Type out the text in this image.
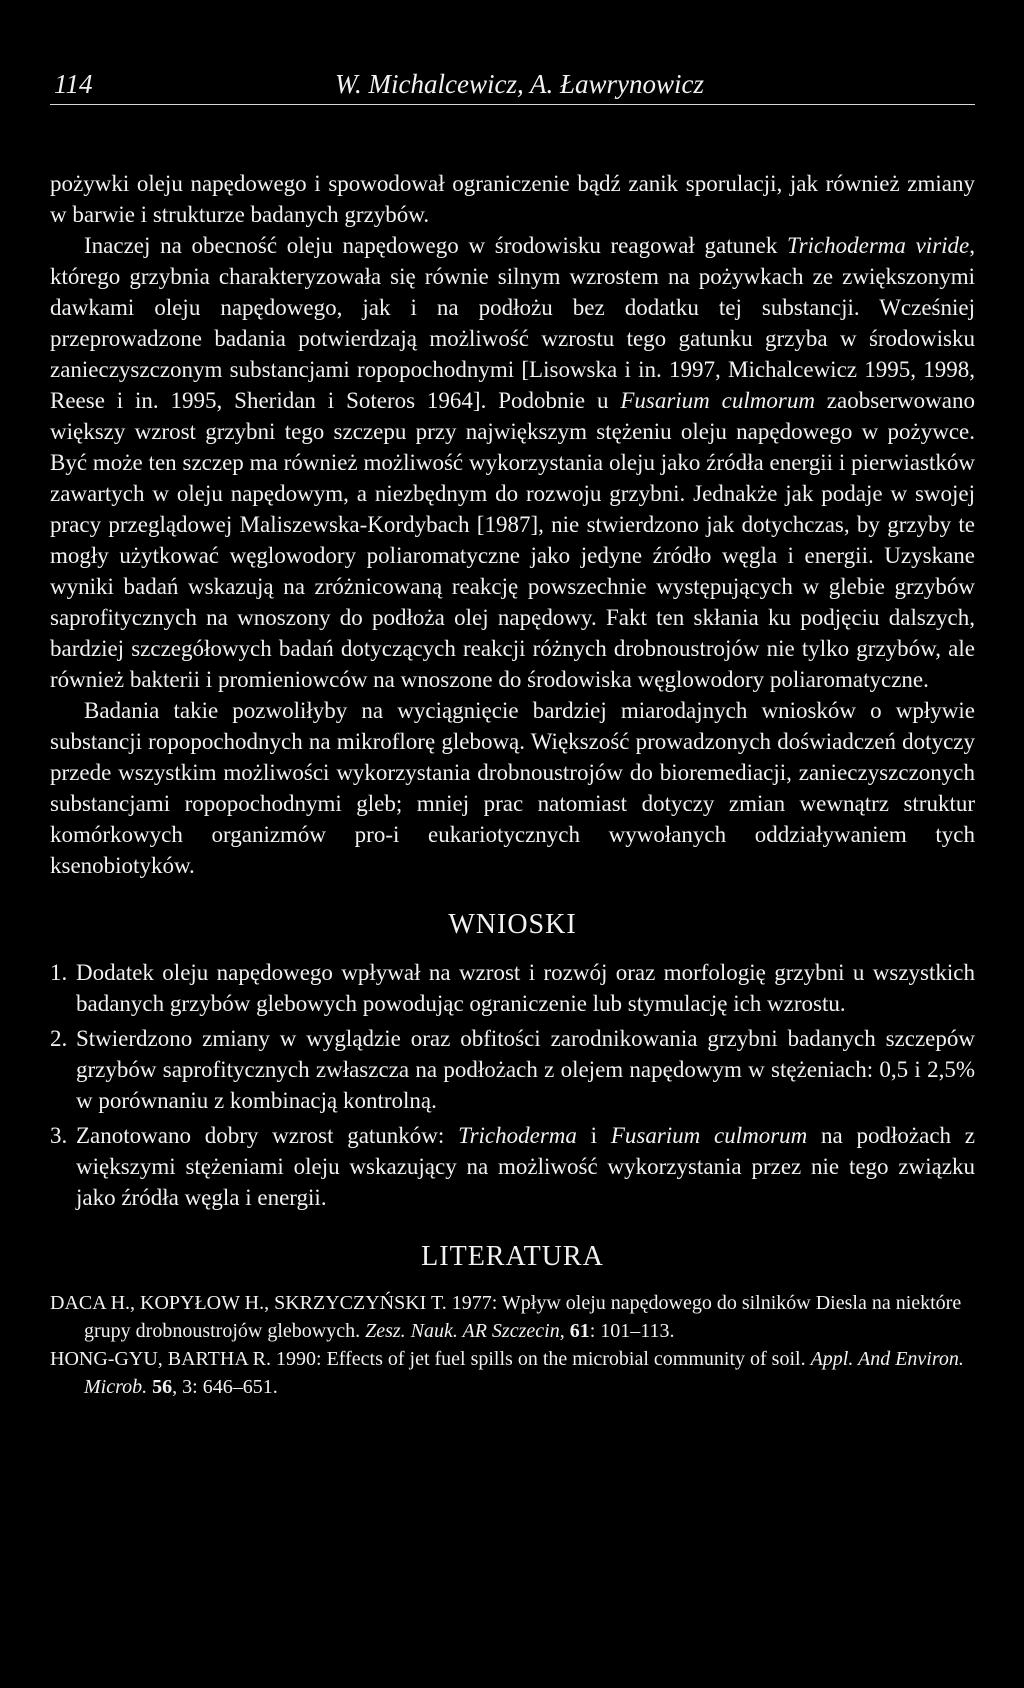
114	W. Michalcewicz, A. Ławrynowicz

pożywki oleju napędowego i spowodował ograniczenie bądź zanik sporulacji, jak również zmiany w barwie i strukturze badanych grzybów.

Inaczej na obecność oleju napędowego w środowisku reagował gatunek Trichoderma viride, którego grzybnia charakteryzowała się równie silnym wzrostem na pożywkach ze zwiększonymi dawkami oleju napędowego, jak i na podłożu bez dodatku tej substancji. Wcześniej przeprowadzone badania potwierdzają możliwość wzrostu tego gatunku grzyba w środowisku zanieczyszczonym substancjami ropopochodnymi [Lisowska i in. 1997, Michalcewicz 1995, 1998, Reese i in. 1995, Sheridan i Soteros 1964]. Podobnie u Fusarium culmorum zaobserwowano większy wzrost grzybni tego szczepu przy największym stężeniu oleju napędowego w pożywce. Być może ten szczep ma również możliwość wykorzystania oleju jako źródła energii i pierwiastków zawartych w oleju napędowym, a niezbędnym do rozwoju grzybni. Jednakże jak podaje w swojej pracy przeglądowej Maliszewska-Kordybach [1987], nie stwierdzono jak dotychczas, by grzyby te mogły użytkować węglowodory poliaromatyczne jako jedyne źródło węgla i energii. Uzyskane wyniki badań wskazują na zróżnicowaną reakcję powszechnie występujących w glebie grzybów saprofitycznych na wnoszony do podłoża olej napędowy. Fakt ten skłania ku podjęciu dalszych, bardziej szczegółowych badań dotyczących reakcji różnych drobnoustrojów nie tylko grzybów, ale również bakterii i promieniowców na wnoszone do środowiska węglowodory poliaromatyczne.

Badania takie pozwoliłyby na wyciągnięcie bardziej miarodajnych wniosków o wpływie substancji ropopochodnych na mikroflorę glebową. Większość prowadzonych doświadczeń dotyczy przede wszystkim możliwości wykorzystania drobnoustrojów do bioremediacji, zanieczyszczonych substancjami ropopochodnymi gleb; mniej prac natomiast dotyczy zmian wewnątrz struktur komórkowych organizmów pro-i eukariotycznych wywołanych oddziaływaniem tych ksenobiotyków.

WNIOSKI
1. Dodatek oleju napędowego wpływał na wzrost i rozwój oraz morfologię grzybni u wszystkich badanych grzybów glebowych powodując ograniczenie lub stymulację ich wzrostu.
2. Stwierdzono zmiany w wyglądzie oraz obfitości zarodnikowania grzybni badanych szczepów grzybów saprofitycznych zwłaszcza na podłożach z olejem napędowym w stężeniach: 0,5 i 2,5% w porównaniu z kombinacją kontrolną.
3. Zanotowano dobry wzrost gatunków: Trichoderma i Fusarium culmorum na podłożach z większymi stężeniami oleju wskazujący na możliwość wykorzystania przez nie tego związku jako źródła węgla i energii.
LITERATURA

DACA H., KOPYŁOW H., SKRZYCZYŃSKI T. 1977: Wpływ oleju napędowego do silników Diesla na niektóre grupy drobnoustrojów glebowych. Zesz. Nauk. AR Szczecin, 61: 101–113.

HONG-GYU, BARTHA R. 1990: Effects of jet fuel spills on the microbial community of soil. Appl. And Environ. Microb. 56, 3: 646–651.
